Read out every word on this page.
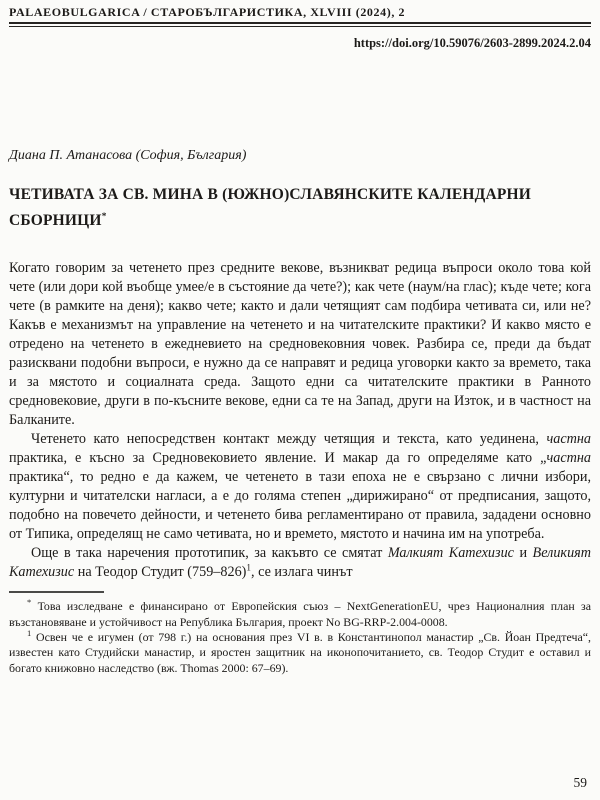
PALAEOBULGARICA / СТАРОБЪЛГАРИСТИКА, XLVIII (2024), 2
https://doi.org/10.59076/2603-2899.2024.2.04
Диана П. Атанасова (София, България)
ЧЕТИВАТА ЗА СВ. МИНА В (ЮЖНО)СЛАВЯНСКИТЕ КАЛЕНДАРНИ СБОРНИЦИ*

Когато говорим за четенето през средните векове, възникват редица въпроси около това кой чете (или дори кой въобще умее/е в състояние да чете?); как чете (наум/на глас); къде чете; кога чете (в рамките на деня); какво чете; както и дали четящият сам подбира четивата си, или не? Какъв е механизмът на управление на четенето и на читателските практики? И какво място е отредено на четенето в ежедневието на средновековния човек. Разбира се, преди да бъдат разисквани подобни въпроси, е нужно да се направят и редица уговорки както за времето, така и за мястото и социалната среда. Защото едни са читателските практики в Ранното средновековие, други в по-късните векове, едни са те на Запад, други на Изток, и в частност на Балканите.

Четенето като непосредствен контакт между четящия и текста, като уединена, частна практика, е късно за Средновековието явление. И макар да го определяме като „частна практика“, то редно е да кажем, че четенето в тази епоха не е свързано с лични избори, културни и читателски нагласи, а е до голяма степен „дирижирано“ от предписания, защото, подобно на повечето дейности, и четенето бива регламентирано от правила, зададени основно от Типика, определящ не само четивата, но и времето, мястото и начина им на употреба.

Още в така наречения прототипик, за какъвто се смятат Малкият Катехизис и Великият Катехизис на Теодор Студит $(759-826)^1$, се излага чинът

* Това изследване е финансирано от Европейския съюз – NextGenerationEU, чрез Националния план за възстановяване и устойчивост на Република България, проект No BG-RRP-2.004-0008.

$^1$ Освен че е игумен (от 798 г.) на основания през VI в. в Константинопол манастир „Св. Йоан Предтеча“, известен като Студийски манастир, и яростен защитник на иконопочитанието, св. Теодор Студит е оставил и богато книжовно наследство (вж. Thomas 2000: 67–69).

59
